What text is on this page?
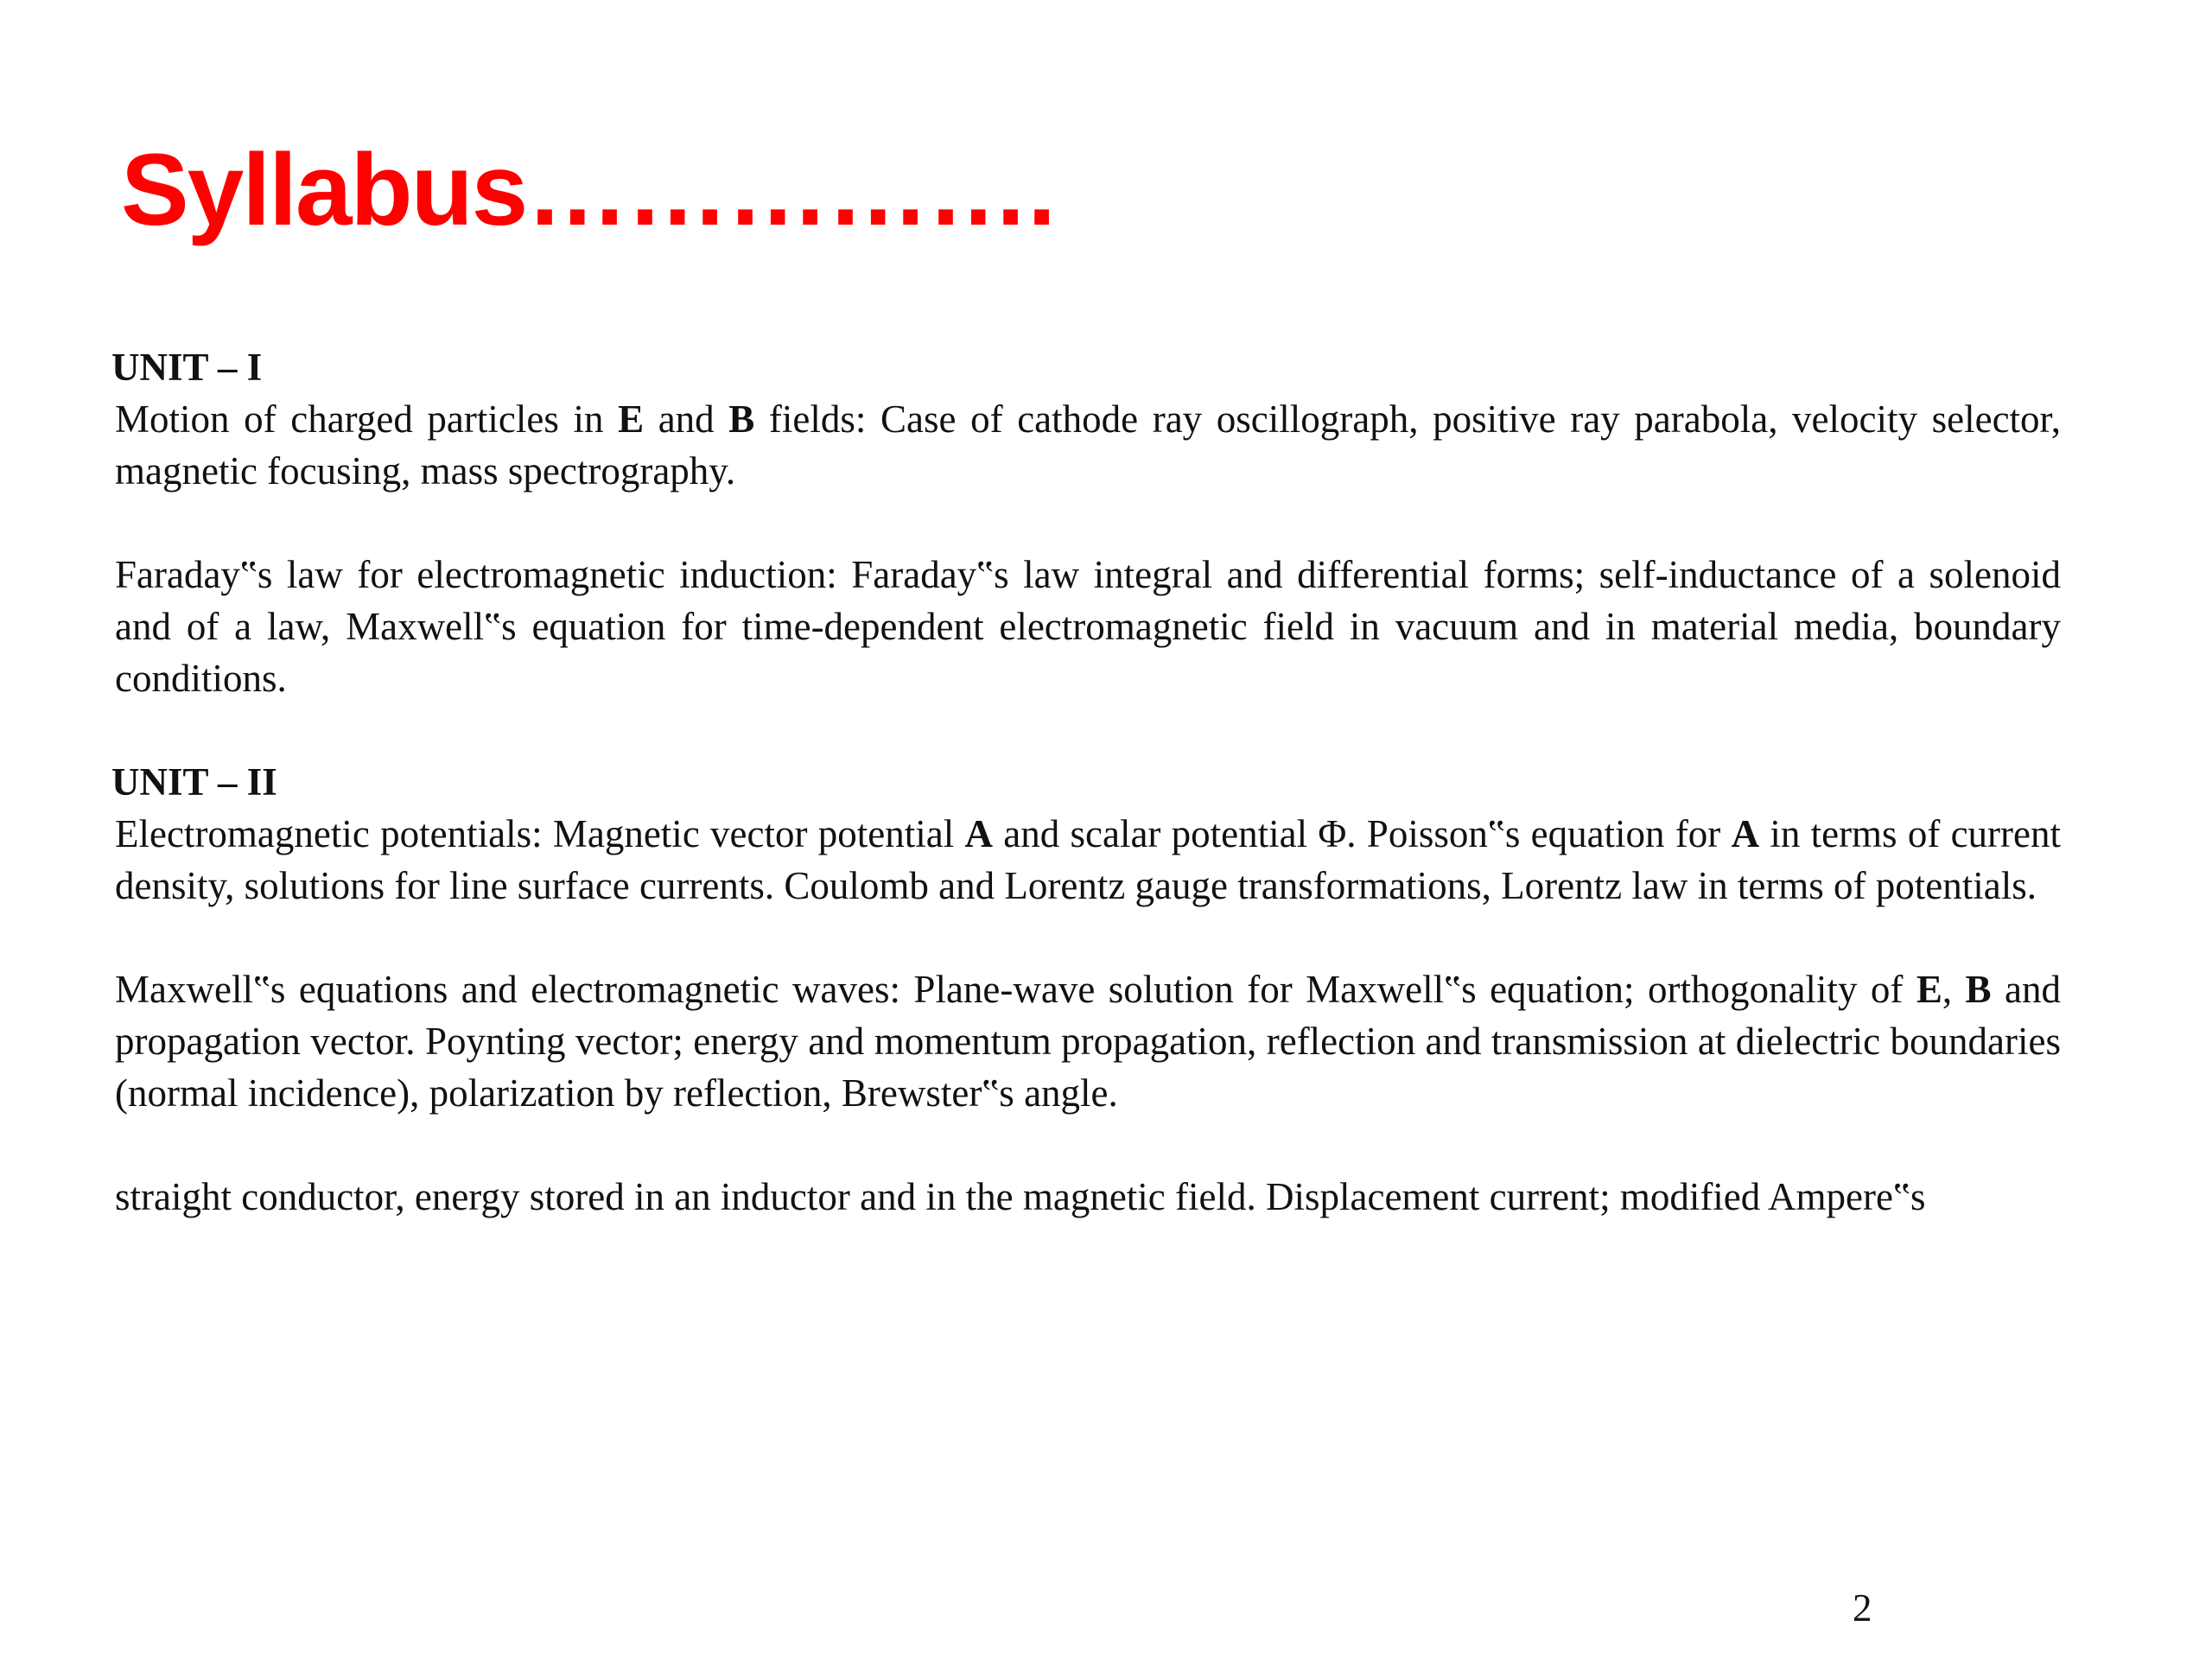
Syllabus…………….
UNIT – I

Motion of charged particles in E and B fields: Case of cathode ray oscillograph, positive ray parabola, velocity selector, magnetic focusing, mass spectrography.

Faraday‟s law for electromagnetic induction: Faraday‟s law integral and differential forms; self-inductance of a solenoid and of a law, Maxwell‟s equation for time-dependent electromagnetic field in vacuum and in material media, boundary conditions.

UNIT – II

Electromagnetic potentials: Magnetic vector potential A and scalar potential Φ. Poisson‟s equation for A in terms of current density, solutions for line surface currents. Coulomb and Lorentz gauge transformations, Lorentz law in terms of potentials.

Maxwell‟s equations and electromagnetic waves: Plane-wave solution for Maxwell‟s equation; orthogonality of E, B and propagation vector. Poynting vector; energy and momentum propagation, reflection and transmission at dielectric boundaries (normal incidence), polarization by reflection, Brewster‟s angle.

straight conductor, energy stored in an inductor and in the magnetic field. Displacement current; modified Ampere‟s

2
